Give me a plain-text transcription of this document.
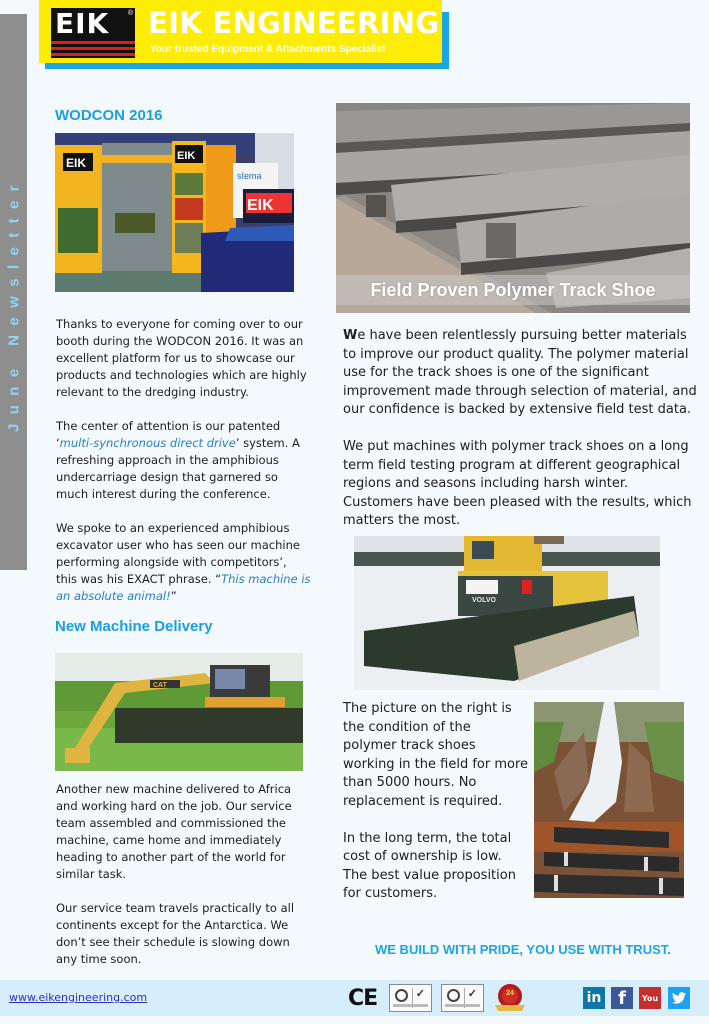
June Newsletter
EIK	® EIK ENGINEERING
Your trusted Equipment & Attachments Specialist
WODCON 2016
EIK	EIK
sIema
EIK

Thanks to everyone for coming over to our booth during the WODCON 2016. It was an excellent platform for us to showcase our products and technologies which are highly relevant to the dredging industry.

The center of attention is our patented ‘multi-synchronous direct drive’ system. A refreshing approach in the amphibious undercarriage design that garnered so much interest during the conference.

We spoke to an experienced amphibious excavator user who has seen our machine performing alongside with competitors’, this was his EXACT phrase. “This machine is an absolute animal!”

New Machine Delivery
CAT

Another new machine delivered to Africa and working hard on the job. Our service team assembled and commissioned the machine, came home and immediately heading to another part of the world for similar task.

Our service team travels practically to all continents except for the Antarctica. We don’t see their schedule is slowing down any time soon.

Field Proven Polymer Track Shoe

We have been relentlessly pursuing better materials to improve our product quality. The polymer material use for the track shoes is one of the significant improvement made through selection of material, and our confidence is backed by extensive field test data.

We put machines with polymer track shoes on a long term field testing program at different geographical regions and seasons including harsh winter. Customers have been pleased with the results, which matters the most.

VOLVO

The picture on the right is the condition of the polymer track shoes working in the field for more than 5000 hours. No replacement is required.

In the long term, the total cost of ownership is low. The best value proposition for customers.

WE BUILD WITH PRIDE, YOU USE WITH TRUST.
www.eikengineering.com	CE	✓	✓	24	in f	You
